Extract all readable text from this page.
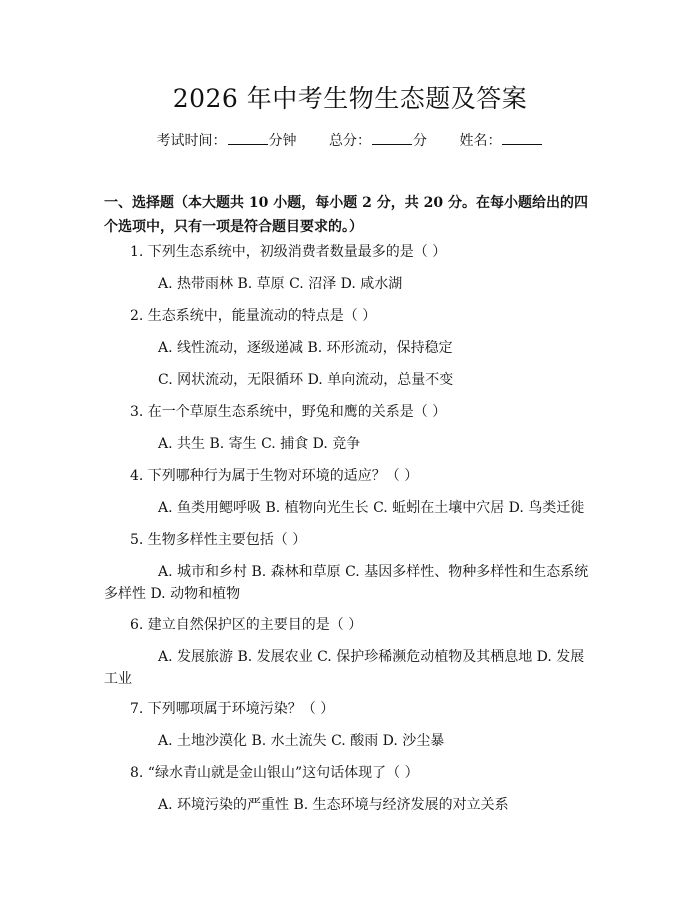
2026 年中考生物生态题及答案
考试时间：	分钟 总分：	分 姓名：
一、选择题（本大题共 10 小题，每小题 2 分，共 20 分。在每小题给出的四个选项中，只有一项是符合题目要求的。）
1. 下列生态系统中，初级消费者数量最多的是（ ）
A. 热带雨林 B. 草原 C. 沼泽 D. 咸水湖
2. 生态系统中，能量流动的特点是（ ）
A. 线性流动，逐级递减 B. 环形流动，保持稳定
C. 网状流动，无限循环 D. 单向流动，总量不变
3. 在一个草原生态系统中，野兔和鹰的关系是（ ）
A. 共生 B. 寄生 C. 捕食 D. 竞争
4. 下列哪种行为属于生物对环境的适应？（ ）
A. 鱼类用鳃呼吸 B. 植物向光生长 C. 蚯蚓在土壤中穴居 D. 鸟类迁徙
5. 生物多样性主要包括（ ）
A. 城市和乡村 B. 森林和草原 C. 基因多样性、物种多样性和生态系统多样性 D. 动物和植物
6. 建立自然保护区的主要目的是（ ）
A. 发展旅游 B. 发展农业 C. 保护珍稀濒危动植物及其栖息地 D. 发展工业
7. 下列哪项属于环境污染？（ ）
A. 土地沙漠化 B. 水土流失 C. 酸雨 D. 沙尘暴
8. “绿水青山就是金山银山”这句话体现了（ ）
A. 环境污染的严重性 B. 生态环境与经济发展的对立关系
